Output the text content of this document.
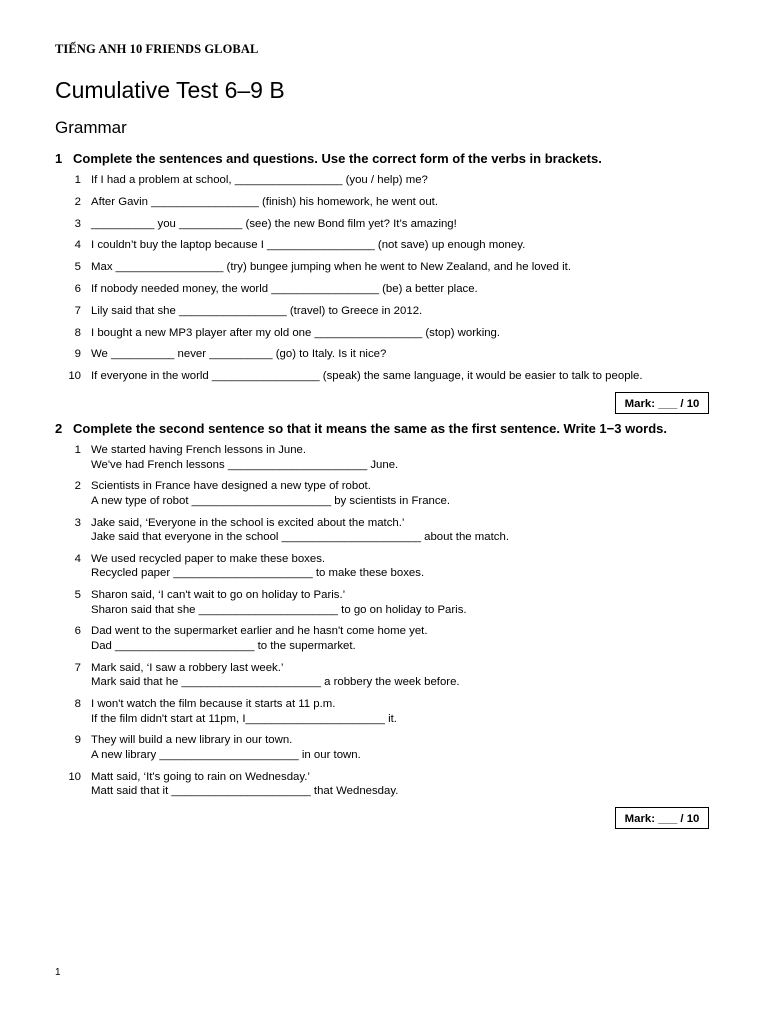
TIẾNG ANH 10 FRIENDS GLOBAL
Cumulative Test 6–9 B
Grammar
1 Complete the sentences and questions. Use the correct form of the verbs in brackets.
1 If I had a problem at school, _________________ (you / help) me?
2 After Gavin _________________ (finish) his homework, he went out.
3 __________ you __________ (see) the new Bond film yet? It’s amazing!
4 I couldn’t buy the laptop because I _________________ (not save) up enough money.
5 Max _________________ (try) bungee jumping when he went to New Zealand, and he loved it.
6 If nobody needed money, the world _________________ (be) a better place.
7 Lily said that she _________________ (travel) to Greece in 2012.
8 I bought a new MP3 player after my old one _________________ (stop) working.
9 We __________ never __________ (go) to Italy. Is it nice?
10 If everyone in the world _________________ (speak) the same language, it would be easier to talk to people.
Mark: ___ / 10
2 Complete the second sentence so that it means the same as the first sentence. Write 1−3 words.
1 We started having French lessons in June.
We've had French lessons ______________________ June.
2 Scientists in France have designed a new type of robot.
A new type of robot ______________________ by scientists in France.
3 Jake said, ‘Everyone in the school is excited about the match.’
Jake said that everyone in the school ______________________ about the match.
4 We used recycled paper to make these boxes.
Recycled paper ______________________ to make these boxes.
5 Sharon said, ‘I can't wait to go on holiday to Paris.’
Sharon said that she ______________________ to go on holiday to Paris.
6 Dad went to the supermarket earlier and he hasn't come home yet.
Dad ______________________ to the supermarket.
7 Mark said, ‘I saw a robbery last week.’
Mark said that he ______________________ a robbery the week before.
8 I won't watch the film because it starts at 11 p.m.
If the film didn't start at 11pm, I______________________ it.
9 They will build a new library in our town.
A new library ______________________ in our town.
10 Matt said, ‘It's going to rain on Wednesday.’
Matt said that it ______________________ that Wednesday.
Mark: ___ / 10
1
